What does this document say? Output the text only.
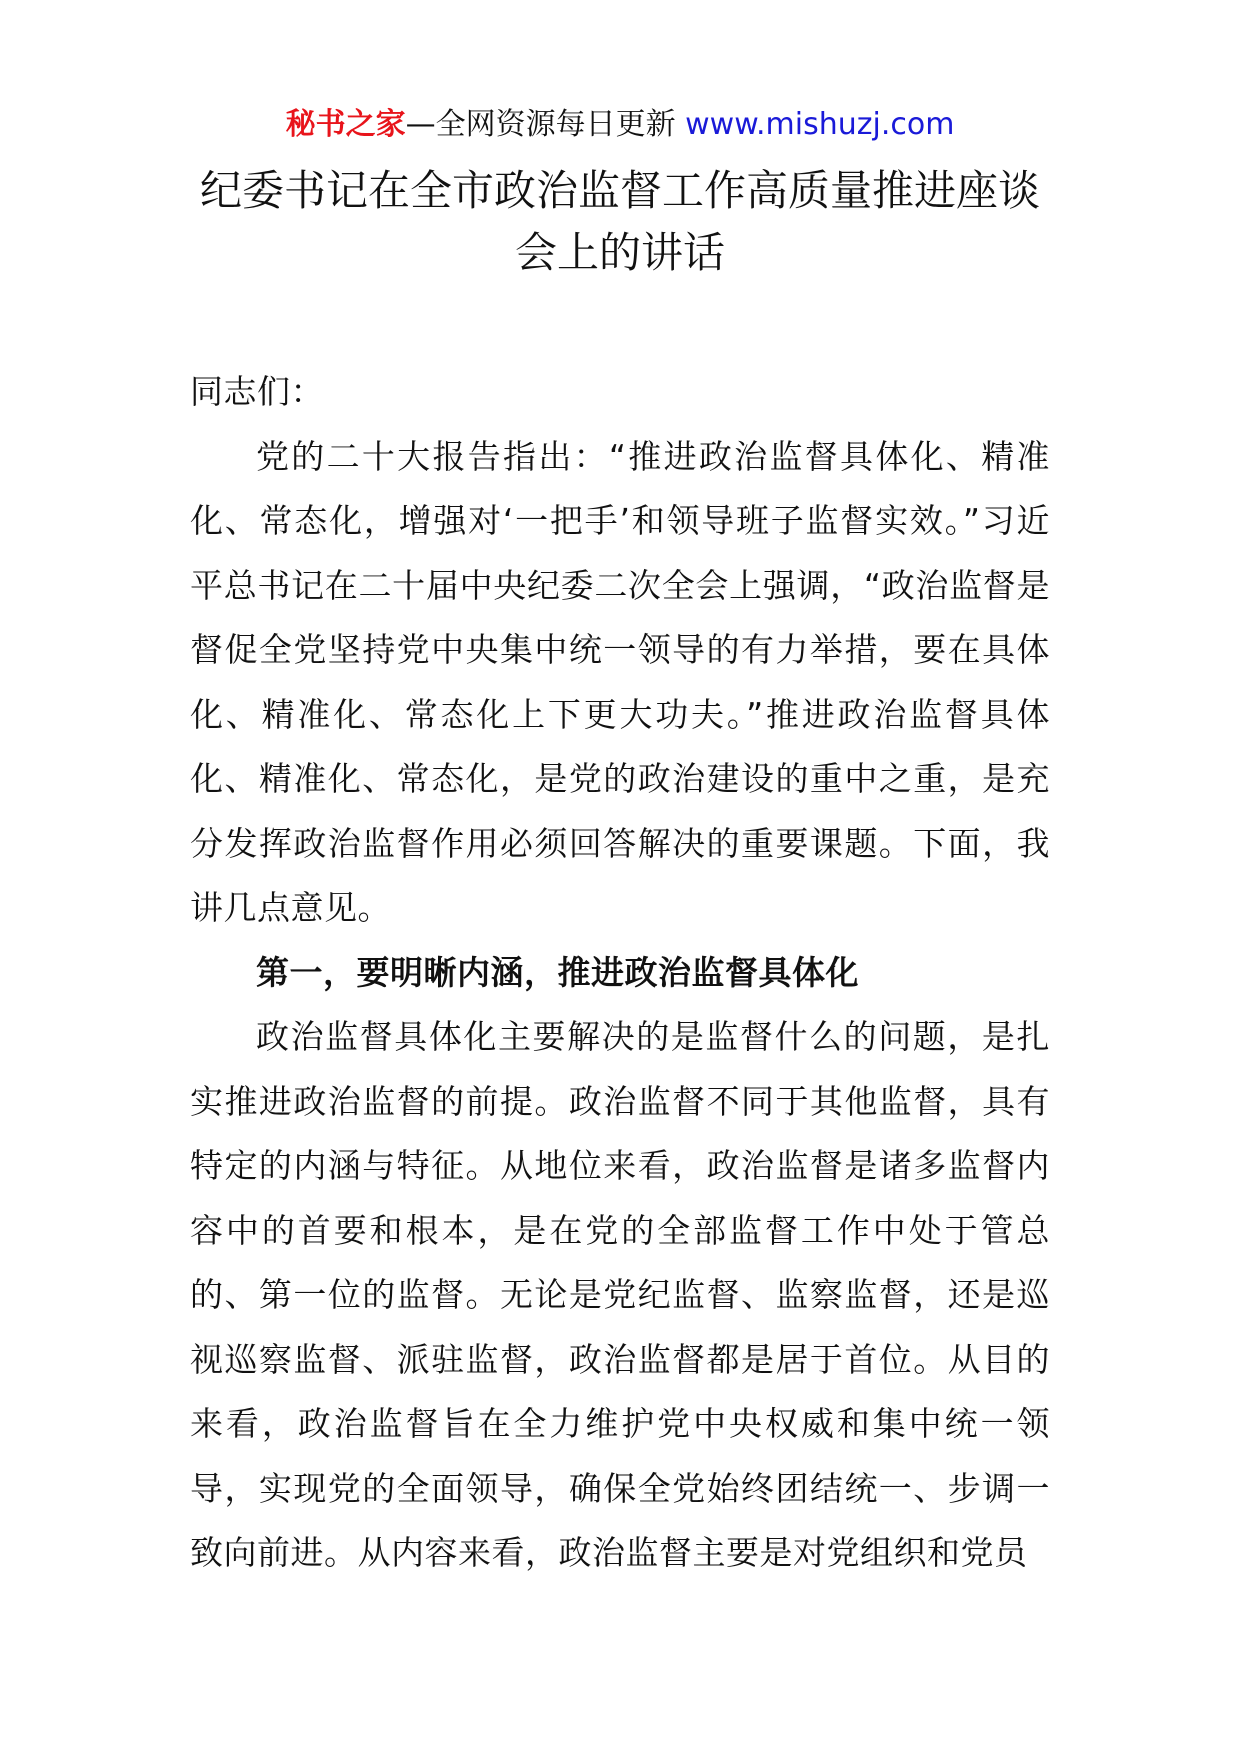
秘书之家—全网资源每日更新 www.mishuzj.com
纪委书记在全市政治监督工作高质量推进座谈
会上的讲话

同志们：

党的二十大报告指出：“推进政治监督具体化、精准化、常态化，增强对‘一把手’和领导班子监督实效。”习近平总书记在二十届中央纪委二次全会上强调，“政治监督是督促全党坚持党中央集中统一领导的有力举措，要在具体化、精准化、常态化上下更大功夫。”推进政治监督具体化、精准化、常态化，是党的政治建设的重中之重，是充分发挥政治监督作用必须回答解决的重要课题。下面，我讲几点意见。

第一，要明晰内涵，推进政治监督具体化

政治监督具体化主要解决的是监督什么的问题，是扎实推进政治监督的前提。政治监督不同于其他监督，具有特定的内涵与特征。从地位来看，政治监督是诸多监督内容中的首要和根本，是在党的全部监督工作中处于管总的、第一位的监督。无论是党纪监督、监察监督，还是巡视巡察监督、派驻监督，政治监督都是居于首位。从目的来看，政治监督旨在全力维护党中央权威和集中统一领导，实现党的全面领导，确保全党始终团结统一、步调一致向前进。从内容来看，政治监督主要是对党组织和党员
